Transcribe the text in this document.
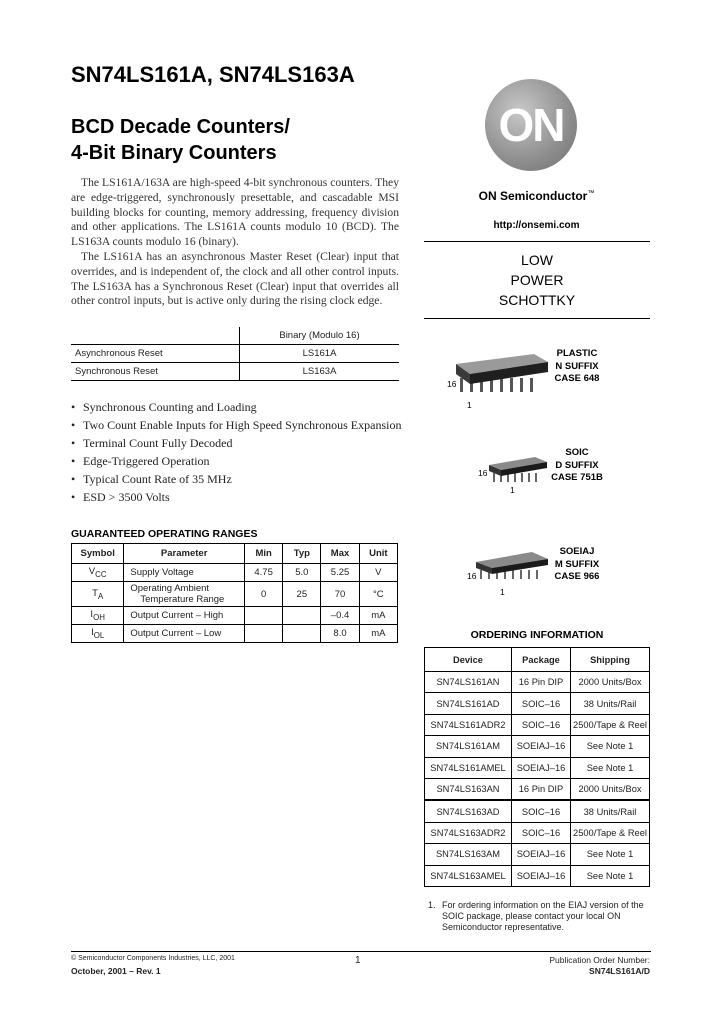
SN74LS161A, SN74LS163A
BCD Decade Counters/
4-Bit Binary Counters

The LS161A/163A are high-speed 4-bit synchronous counters. They are edge-triggered, synchronously presettable, and cascadable MSI building blocks for counting, memory addressing, frequency division and other applications. The LS161A counts modulo 10 (BCD). The LS163A counts modulo 16 (binary).

The LS161A has an asynchronous Master Reset (Clear) input that overrides, and is independent of, the clock and all other control inputs. The LS163A has a Synchronous Reset (Clear) input that overrides all other control inputs, but is active only during the rising clock edge.

	Binary (Modulo 16)
Asynchronous Reset	LS161A
Synchronous Reset	LS163A
• Synchronous Counting and Loading
• Two Count Enable Inputs for High Speed Synchronous Expansion
• Terminal Count Fully Decoded
• Edge-Triggered Operation
• Typical Count Rate of 35 MHz
• ESD > 3500 Volts
GUARANTEED OPERATING RANGES
Symbol	Parameter	Min	Typ	Max	Unit
$V_{CC}$	Supply Voltage	4.75	5.0	5.25	V
$T_A$	Operating Ambient
Temperature Range	0	25	70	°C
$I_{OH}$	Output Current – High			–0.4	mA
$I_{OL}$	Output Current – Low			8.0	mA
ON
ON Semiconductor™
http://onsemi.com
LOW
POWER
SCHOTTKY
16
1
PLASTIC
N SUFFIX
CASE 648
16
1
SOIC
D SUFFIX
CASE 751B
16
1
SOEIAJ
M SUFFIX
CASE 966
ORDERING INFORMATION
Device	Package	Shipping
SN74LS161AN	16 Pin DIP	2000 Units/Box
SN74LS161AD	SOIC–16	38 Units/Rail
SN74LS161ADR2	SOIC–16	2500/Tape & Reel
SN74LS161AM	SOEIAJ–16	See Note 1
SN74LS161AMEL	SOEIAJ–16	See Note 1
SN74LS163AN	16 Pin DIP	2000 Units/Box
SN74LS163AD	SOIC–16	38 Units/Rail
SN74LS163ADR2	SOIC–16	2500/Tape & Reel
SN74LS163AM	SOEIAJ–16	See Note 1
SN74LS163AMEL	SOEIAJ–16	See Note 1
1. For ordering information on the EIAJ version of the SOIC package, please contact your local ON Semiconductor representative.
© Semiconductor Components Industries, LLC, 2001
October, 2001 – Rev. 1
1	Publication Order Number:
SN74LS161A/D
